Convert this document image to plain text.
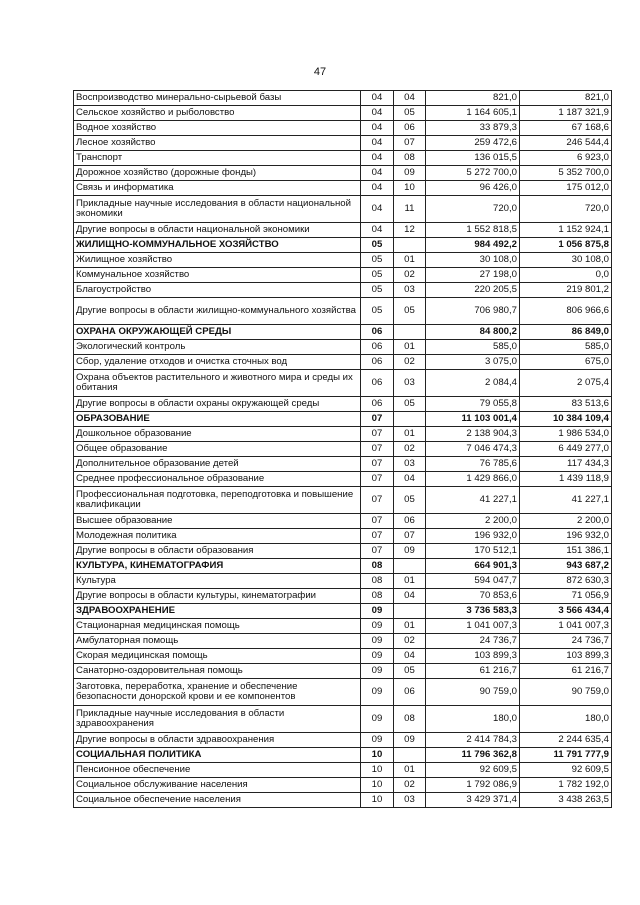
47
Воспроизводство минерально-сырьевой базы	04	04	821,0	821,0
Сельское хозяйство и рыболовство	04	05	1 164 605,1	1 187 321,9
Водное хозяйство	04	06	33 879,3	67 168,6
Лесное хозяйство	04	07	259 472,6	246 544,4
Транспорт	04	08	136 015,5	6 923,0
Дорожное хозяйство (дорожные фонды)	04	09	5 272 700,0	5 352 700,0
Связь и информатика	04	10	96 426,0	175 012,0
Прикладные научные исследования в области национальной экономики	04	11	720,0	720,0
Другие вопросы в области национальной экономики	04	12	1 552 818,5	1 152 924,1
ЖИЛИЩНО-КОММУНАЛЬНОЕ ХОЗЯЙСТВО	05		984 492,2	1 056 875,8
Жилищное хозяйство	05	01	30 108,0	30 108,0
Коммунальное хозяйство	05	02	27 198,0	0,0
Благоустройство	05	03	220 205,5	219 801,2
Другие вопросы в области жилищно-коммунального хозяйства	05	05	706 980,7	806 966,6
ОХРАНА ОКРУЖАЮЩЕЙ СРЕДЫ	06		84 800,2	86 849,0
Экологический контроль	06	01	585,0	585,0
Сбор, удаление отходов и очистка сточных вод	06	02	3 075,0	675,0
Охрана объектов растительного и животного мира и среды их обитания	06	03	2 084,4	2 075,4
Другие вопросы в области охраны окружающей среды	06	05	79 055,8	83 513,6
ОБРАЗОВАНИЕ	07		11 103 001,4	10 384 109,4
Дошкольное образование	07	01	2 138 904,3	1 986 534,0
Общее образование	07	02	7 046 474,3	6 449 277,0
Дополнительное образование детей	07	03	76 785,6	117 434,3
Среднее профессиональное образование	07	04	1 429 866,0	1 439 118,9
Профессиональная подготовка, переподготовка и повышение квалификации	07	05	41 227,1	41 227,1
Высшее образование	07	06	2 200,0	2 200,0
Молодежная политика	07	07	196 932,0	196 932,0
Другие вопросы в области образования	07	09	170 512,1	151 386,1
КУЛЬТУРА, КИНЕМАТОГРАФИЯ	08		664 901,3	943 687,2
Культура	08	01	594 047,7	872 630,3
Другие вопросы в области культуры, кинематографии	08	04	70 853,6	71 056,9
ЗДРАВООХРАНЕНИЕ	09		3 736 583,3	3 566 434,4
Стационарная медицинская помощь	09	01	1 041 007,3	1 041 007,3
Амбулаторная помощь	09	02	24 736,7	24 736,7
Скорая медицинская помощь	09	04	103 899,3	103 899,3
Санаторно-оздоровительная помощь	09	05	61 216,7	61 216,7
Заготовка, переработка, хранение и обеспечение безопасности донорской крови и ее компонентов	09	06	90 759,0	90 759,0
Прикладные научные исследования в области здравоохранения	09	08	180,0	180,0
Другие вопросы в области здравоохранения	09	09	2 414 784,3	2 244 635,4
СОЦИАЛЬНАЯ ПОЛИТИКА	10		11 796 362,8	11 791 777,9
Пенсионное обеспечение	10	01	92 609,5	92 609,5
Социальное обслуживание населения	10	02	1 792 086,9	1 782 192,0
Социальное обеспечение населения	10	03	3 429 371,4	3 438 263,5
